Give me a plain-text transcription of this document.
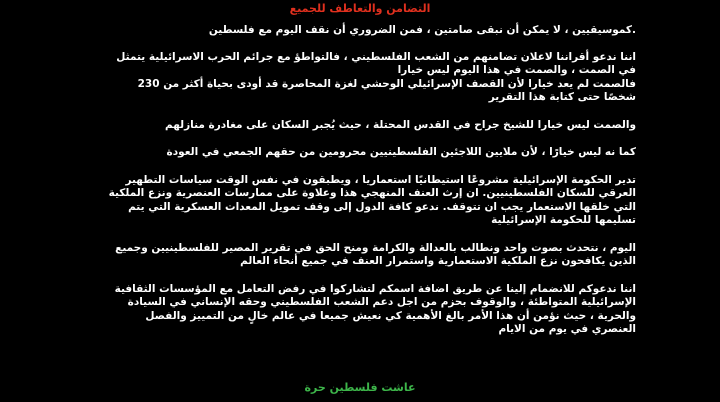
التضامن والتعاطف للجميع
.كموسيقيين ، لا يمكن أن نبقى صامتين ، فمن الضروري أن نقف اليوم مع فلسطين
اننا ندعو أقراننا لاعلان تضامنهم من الشعب الفلسطيني ، فالتواطؤ مع جرائم الحرب الاسرائيلية يتمثل
في الصمت ، والصمت في هذا اليوم ليس خيارا
فالصمت لم يعد خيارا لأن القصف الإسرائيلي الوحشي لغزة المحاصرة قد أودى بحياة أكثر من 230
شخصًا حتى كتابة هذا التقرير
والصمت ليس خيارا للشيخ جراح في القدس المحتلة ، حيث يُجبر السكان على مغادرة منازلهم
كما نه ليس خيارًا ، لأن ملايين اللاجئين الفلسطينيين محرومين من حقهم الجمعي في العودة
تدير الحكومة الإسرائيلية مشروعًا استيطانيًا استعماريا ، ويطبقون في نفس الوقت سياسات التطهير
العرقي للسكان الفلسطينيين. ان إرث العنف المنهجي هذا وعلاوة على ممارسات العنصرية ونزع الملكية
التي خلقها الاستعمار يجب ان تتوقف. ندعو كافة الدول إلى وقف تمويل المعدات العسكرية التي يتم
تسليمها للحكومة الإسرائيلية
اليوم ، نتحدث بصوت واحد ونطالب بالعدالة والكرامة ومنح الحق في تقرير المصير للفلسطينيين وجميع
الذين يكافحون نزع الملكية الاستعمارية واستمرار العنف في جميع أنحاء العالم
اننا ندعوكم للانضمام إلينا عن طريق اضافة اسمكم لتشاركوا في رفض التعامل مع المؤسسات الثقافية
الإسرائيلية المتواطئة ، والوقوف بحزم من اجل دعم الشعب الفلسطيني وحقه الإنساني في السيادة
والحرية ، حيث نؤمن أن هذا الأمر بالغ الأهمية كي نعيش جميعا في عالم خالٍ من التمييز والفصل
العنصري في يوم من الايام
عاشت فلسطين حرة
